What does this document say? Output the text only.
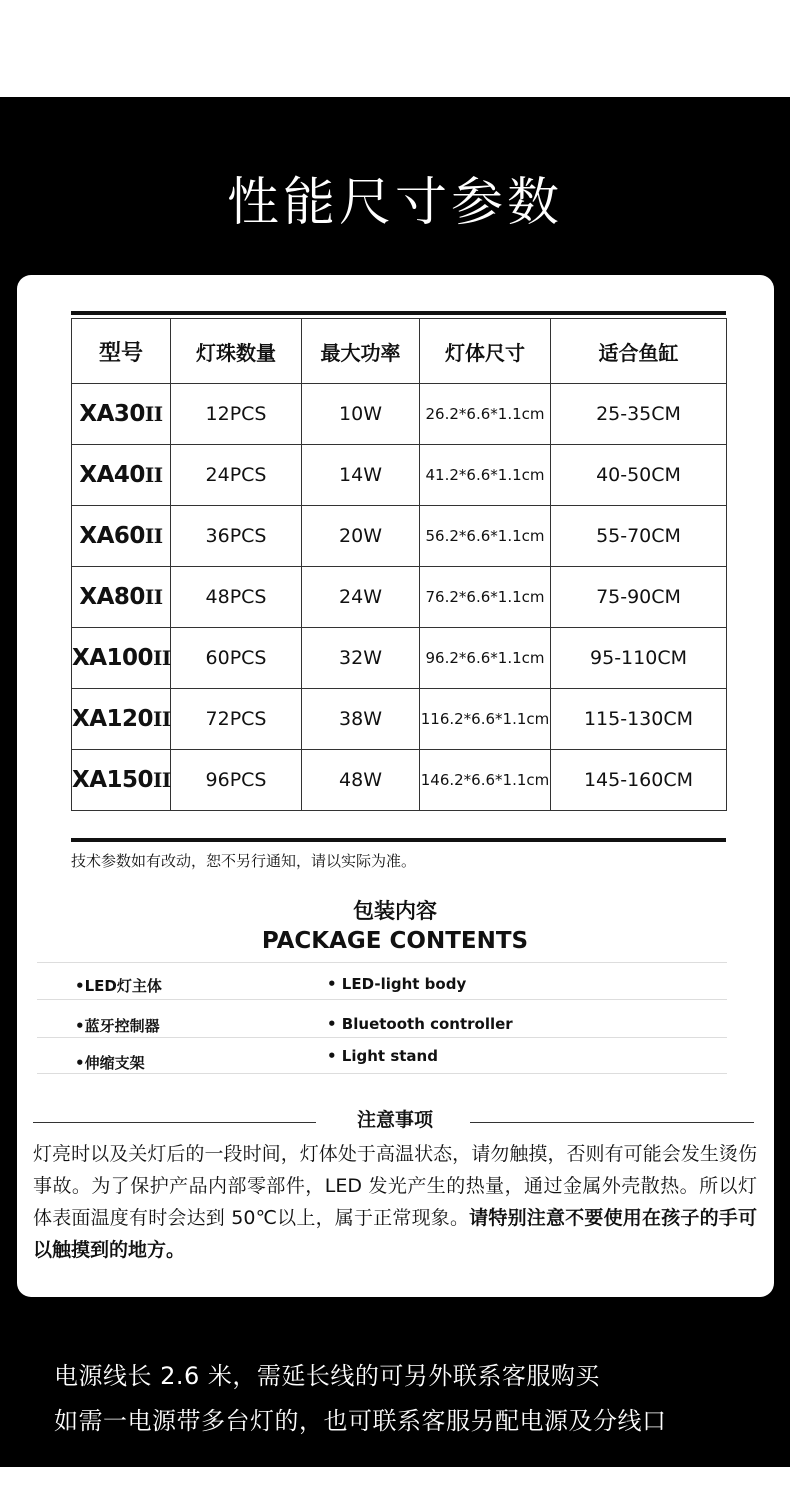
性能尺寸参数
型号	灯珠数量	最大功率	灯体尺寸	适合鱼缸
XA30II	12PCS	10W	26.2*6.6*1.1cm	25-35CM
XA40II	24PCS	14W	41.2*6.6*1.1cm	40-50CM
XA60II	36PCS	20W	56.2*6.6*1.1cm	55-70CM
XA80II	48PCS	24W	76.2*6.6*1.1cm	75-90CM
XA100II	60PCS	32W	96.2*6.6*1.1cm	95-110CM
XA120II	72PCS	38W	116.2*6.6*1.1cm	115-130CM
XA150II	96PCS	48W	146.2*6.6*1.1cm	145-160CM
技术参数如有改动，恕不另行通知，请以实际为准。
包装内容
PACKAGE CONTENTS
•LED灯主体	• LED-light body
•蓝牙控制器	• Bluetooth controller
•伸缩支架	• Light stand
注意事项
灯亮时以及关灯后的一段时间，灯体处于高温状态，请勿触摸，否则有可能会发生烫伤事故。为了保护产品内部零部件，LED 发光产生的热量，通过金属外壳散热。所以灯体表面温度有时会达到 50℃以上，属于正常现象。请特别注意不要使用在孩子的手可以触摸到的地方。
电源线长 2.6 米，需延长线的可另外联系客服购买
如需一电源带多台灯的，也可联系客服另配电源及分线口
